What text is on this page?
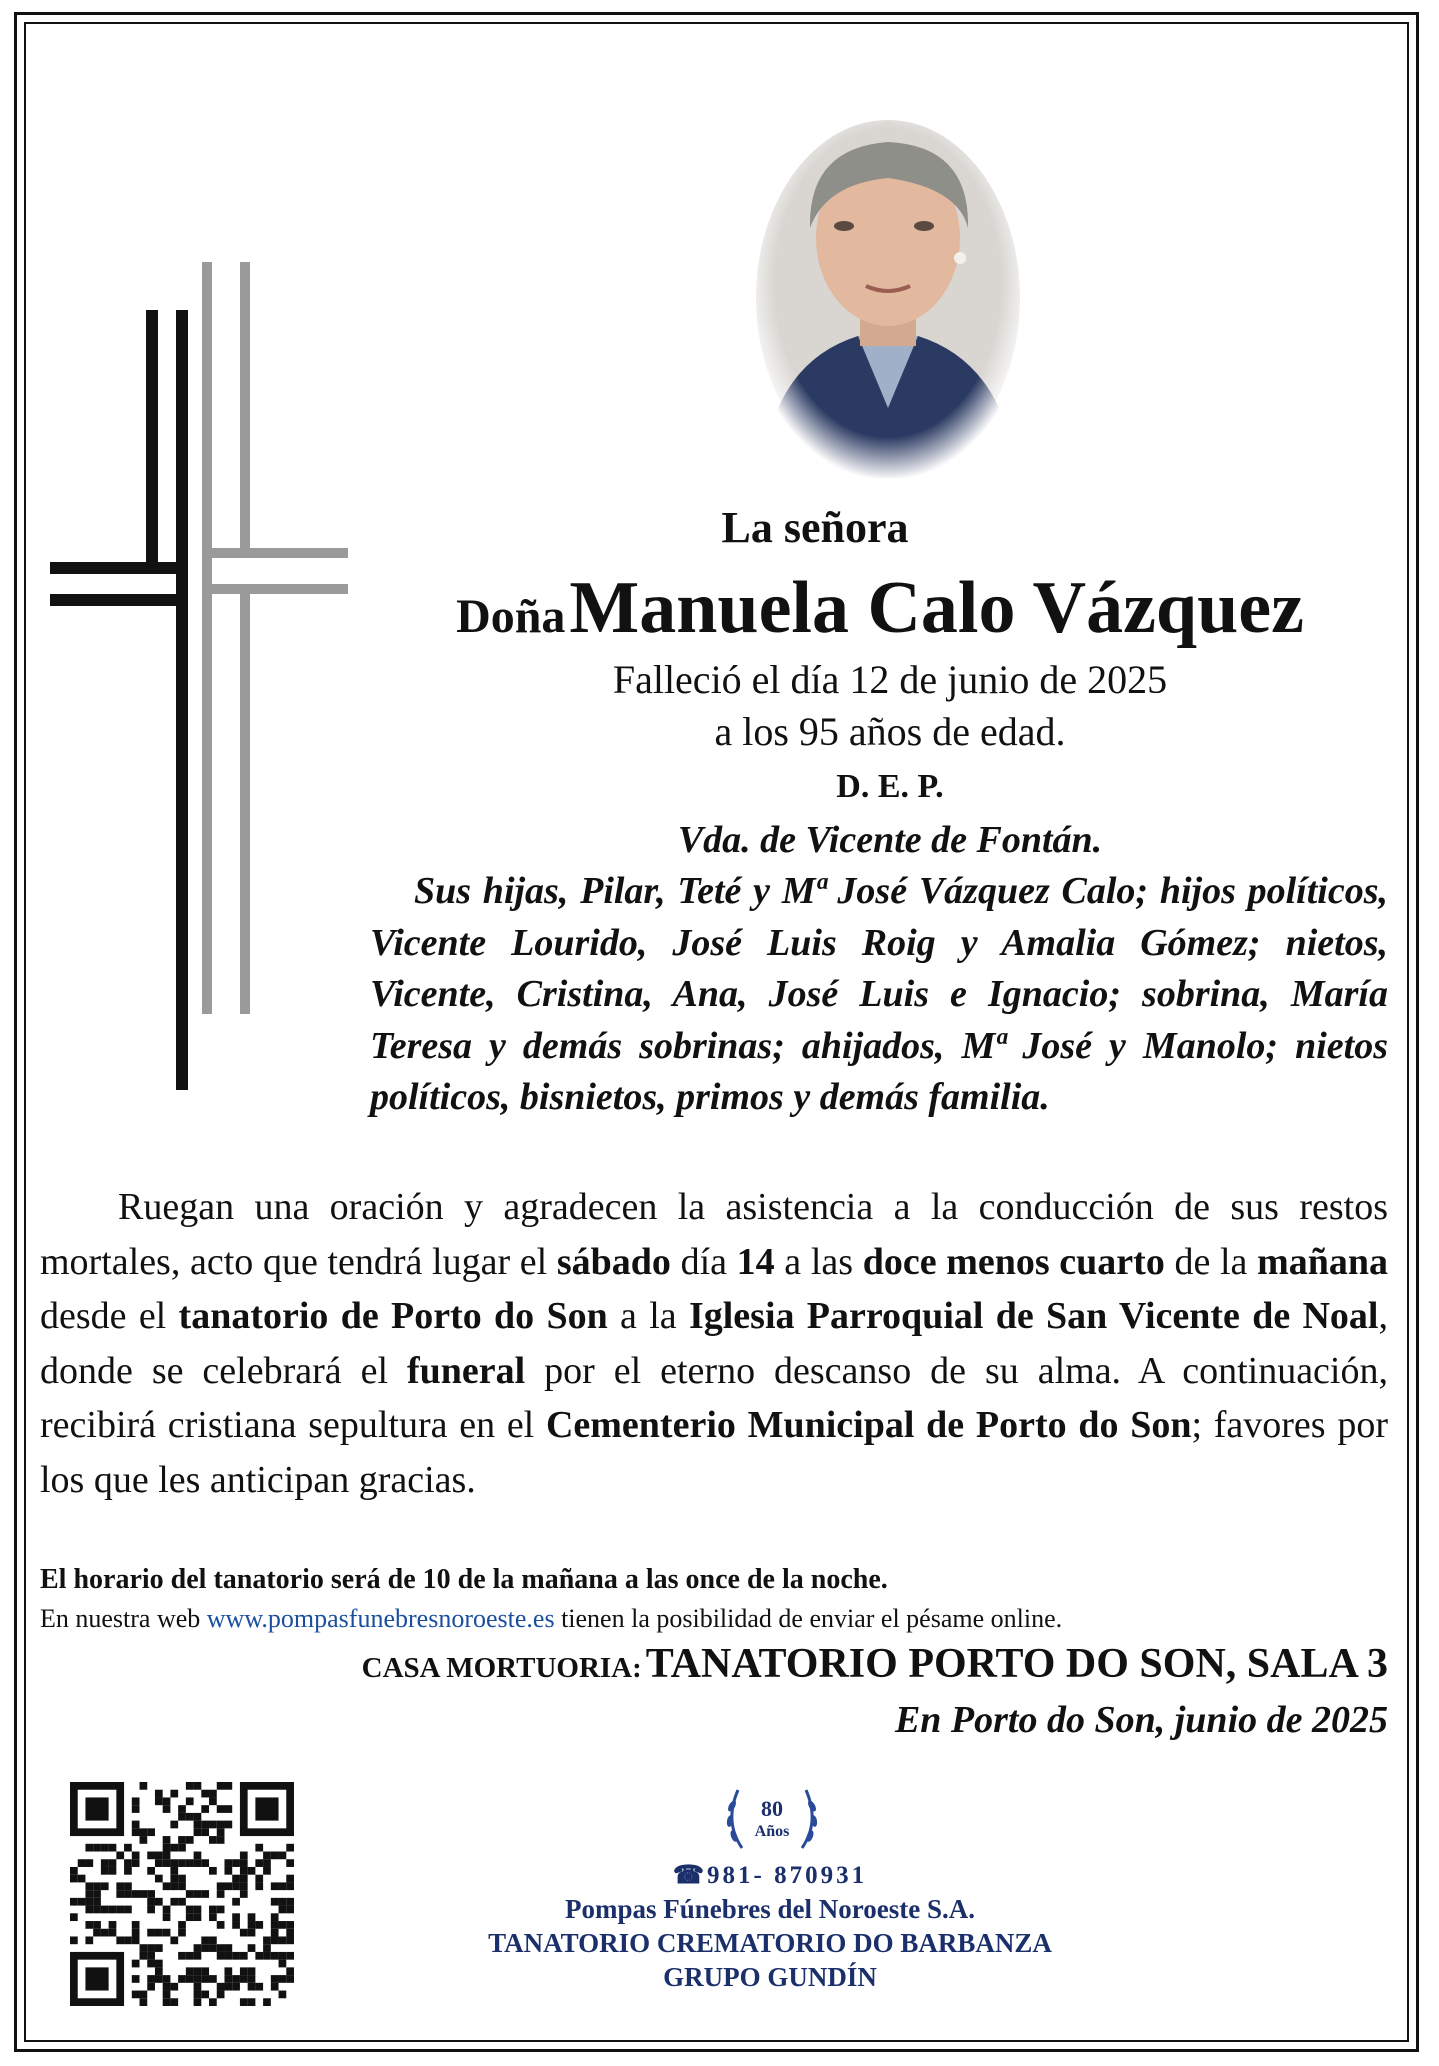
La señora
Doña Manuela Calo Vázquez
Falleció el día 12 de junio de 2025
a los 95 años de edad.
D. E. P.
Vda. de Vicente de Fontán.
Sus hijas, Pilar, Teté y Mª José Vázquez Calo; hijos políticos, Vicente Lourido, José Luis Roig y Amalia Gómez; nietos, Vicente, Cristina, Ana, José Luis e Ignacio; sobrina, María Teresa y demás sobrinas; ahijados, Mª José y Manolo; nietos políticos, bisnietos, primos y demás familia.
Ruegan una oración y agradecen la asistencia a la conducción de sus restos mortales, acto que tendrá lugar el sábado día 14 a las doce menos cuarto de la mañana desde el tanatorio de Porto do Son a la Iglesia Parroquial de San Vicente de Noal, donde se celebrará el funeral por el eterno descanso de su alma. A continuación, recibirá cristiana sepultura en el Cementerio Municipal de Porto do Son; favores por los que les anticipan gracias.
El horario del tanatorio será de 10 de la mañana a las once de la noche.
En nuestra web www.pompasfunebresnoroeste.es tienen la posibilidad de enviar el pésame online.
CASA MORTUORIA: TANATORIO PORTO DO SON, SALA 3
En Porto do Son, junio de 2025
80
Años
☎981- 870931
Pompas Fúnebres del Noroeste S.A.
TANATORIO CREMATORIO DO BARBANZA
GRUPO GUNDÍN
